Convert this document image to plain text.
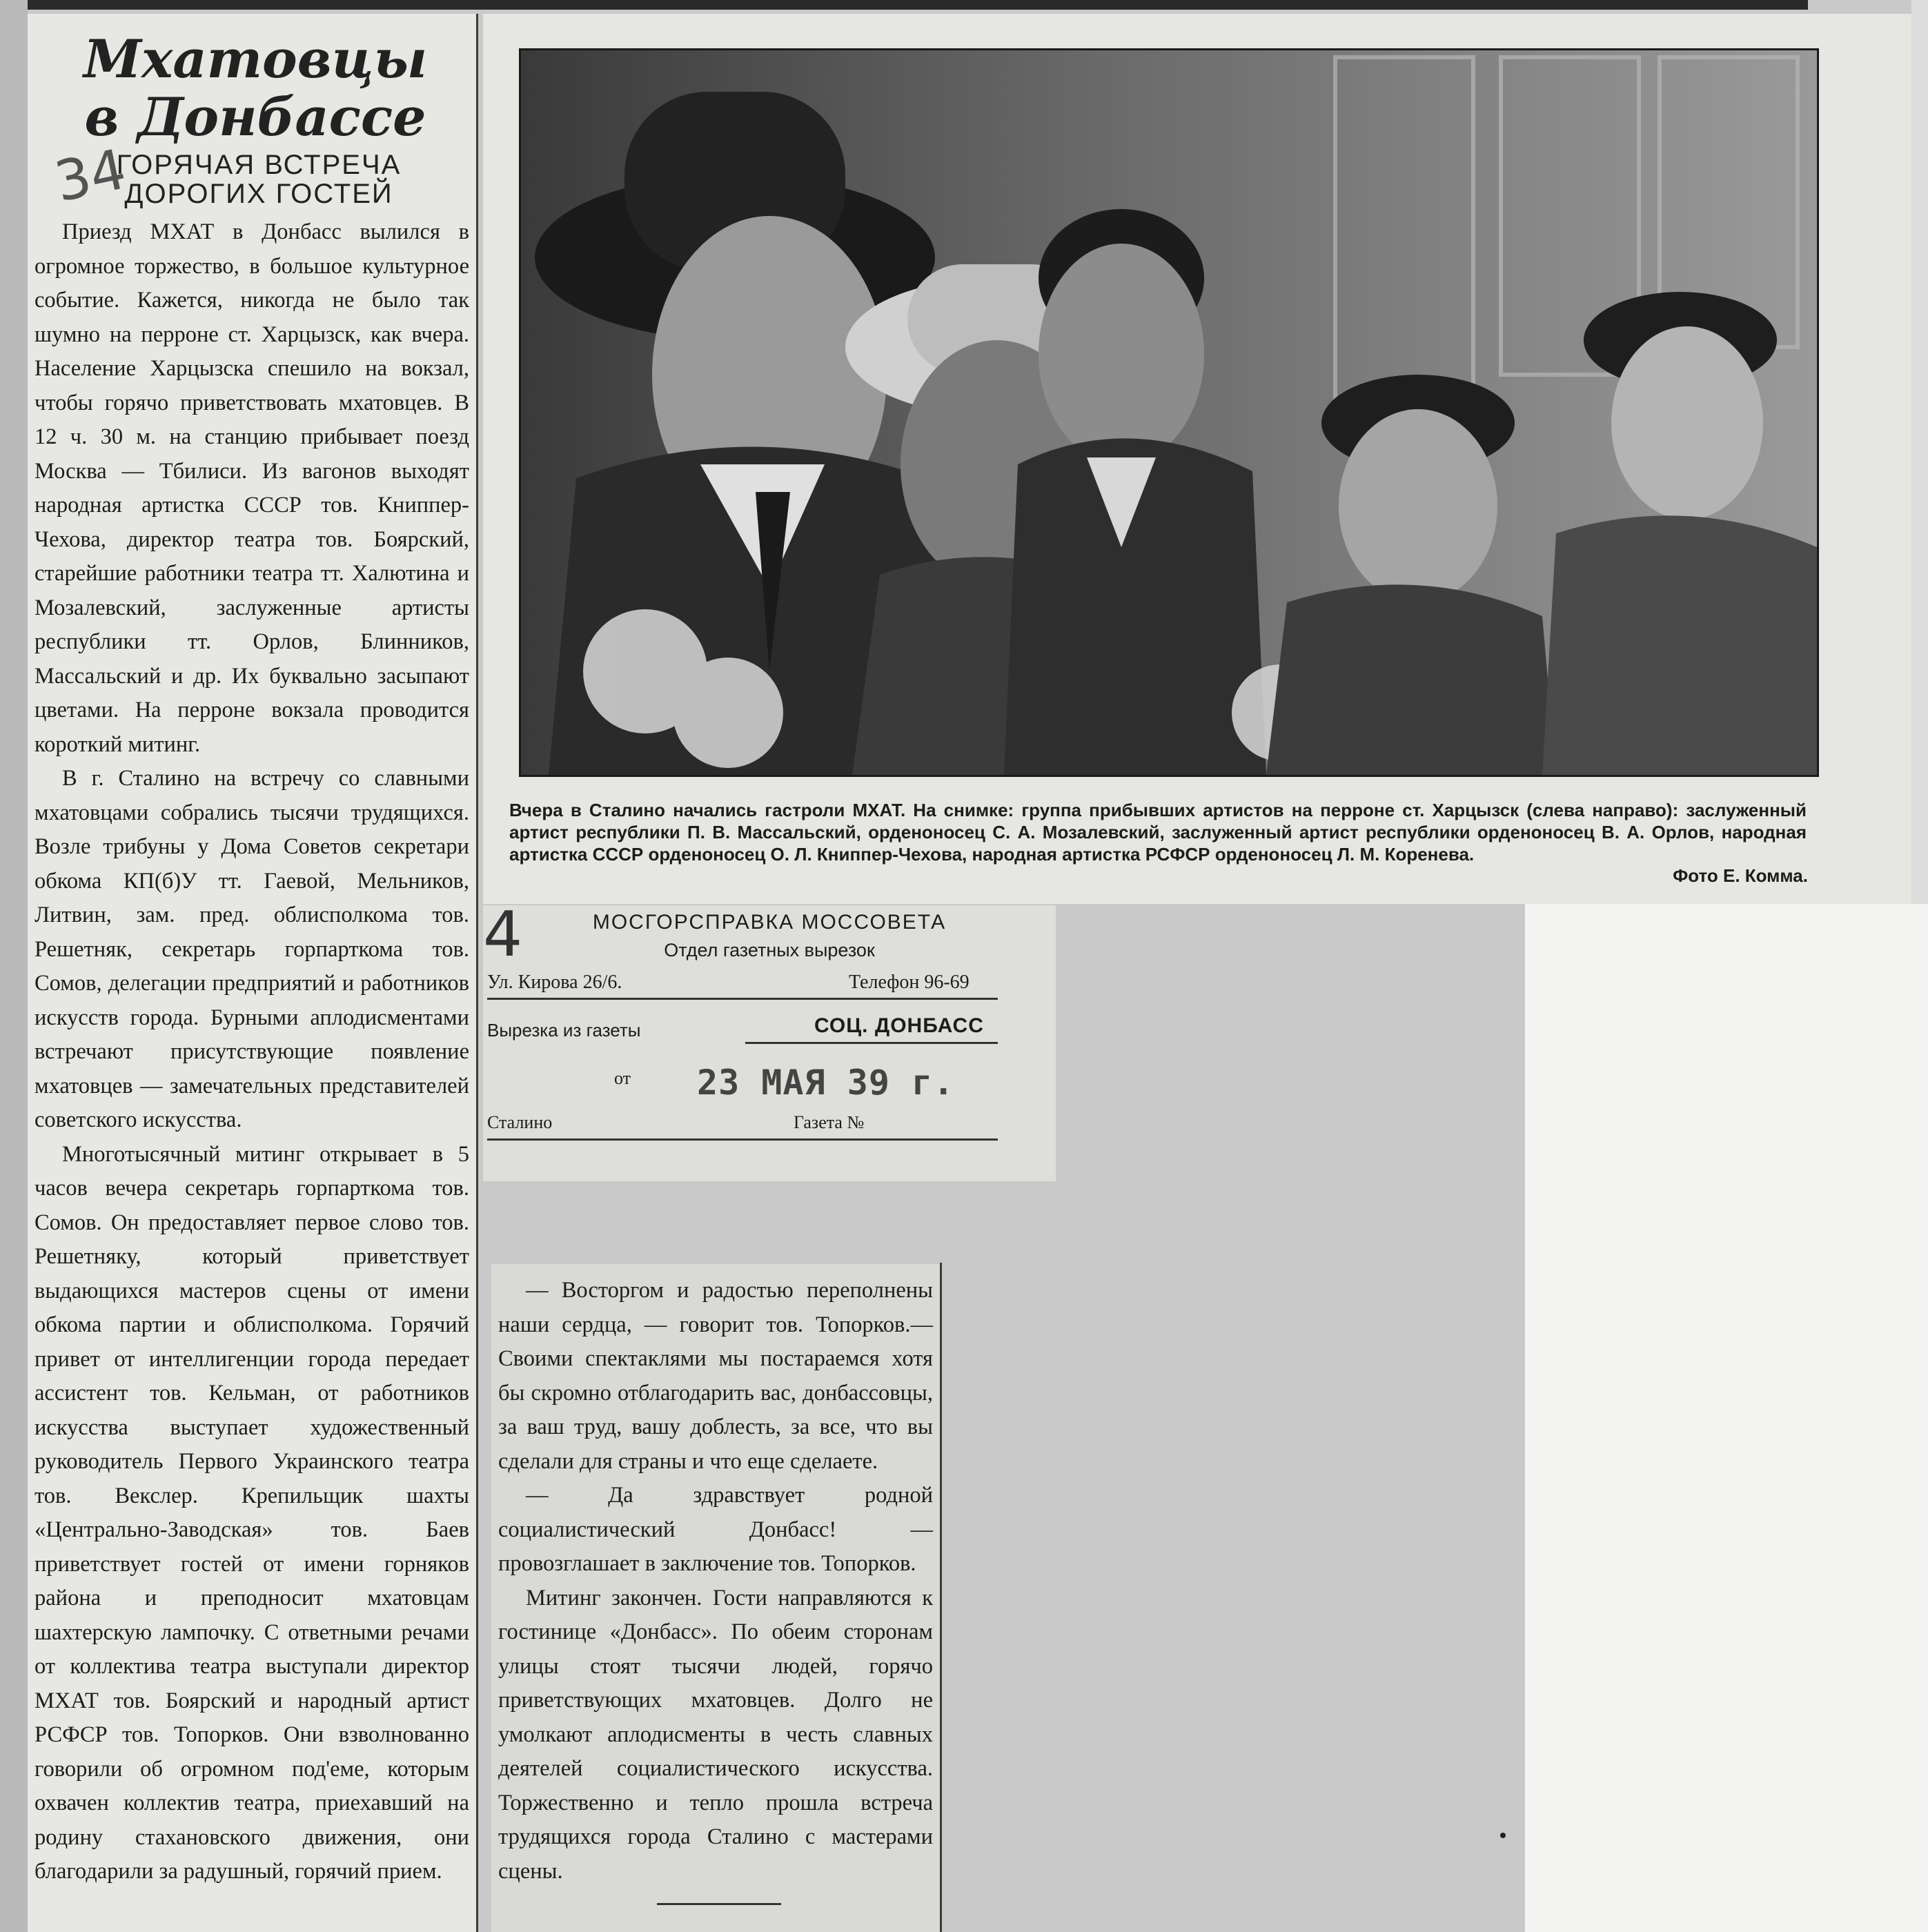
Мхатовцы
в Донбассе
34
ГОРЯЧАЯ ВСТРЕЧА
ДОРОГИХ ГОСТЕЙ

Приезд МХАТ в Донбасс вылился в огромное торжество, в большое культурное событие. Кажется, никогда не было так шумно на перроне ст. Харцызск, как вчера. Население Харцызска спешило на вокзал, чтобы горячо приветствовать мхатовцев. В 12 ч. 30 м. на станцию прибывает поезд Москва — Тбилиси. Из вагонов выходят народная артистка СССР тов. Книппер-Чехова, директор театра тов. Боярский, старейшие работники театра тт. Халютина и Мозалевский, заслуженные артисты республики тт. Орлов, Блинников, Массальский и др. Их буквально засыпают цветами. На перроне вокзала проводится короткий митинг.

В г. Сталино на встречу со славными мхатовцами собрались тысячи трудящихся. Возле трибуны у Дома Советов секретари обкома КП(б)У тт. Гаевой, Мельников, Литвин, зам. пред. облисполкома тов. Решетняк, секретарь горпарткома тов. Сомов, делегации предприятий и работников искусств города. Бурными аплодисментами встречают присутствующие появление мхатовцев — замечательных представителей советского искусства.

Многотысячный митинг открывает в 5 часов вечера секретарь горпарткома тов. Сомов. Он предоставляет первое слово тов. Решетняку, который приветствует выдающихся мастеров сцены от имени обкома партии и облисполкома. Горячий привет от интеллигенции города передает ассистент тов. Кельман, от работников искусства выступает художественный руководитель Первого Украинского театра тов. Векслер. Крепильщик шахты «Центрально-Заводская» тов. Баев приветствует гостей от имени горняков района и преподносит мхатовцам шахтерскую лампочку. С ответными речами от коллектива театра выступали директор МХАТ тов. Боярский и народный артист РСФСР тов. Топорков. Они взволнованно говорили об огромном под'еме, которым охвачен коллектив театра, приехавший на родину стахановского движения, они благодарили за радушный, горячий прием.

Вчера в Сталино начались гастроли МХАТ. На снимке: группа прибывших артистов на перроне ст. Харцызск (слева направо): заслуженный артист республики П. В. Массальский, орденоносец С. А. Мозалевский, заслуженный артист республики орденоносец В. А. Орлов, народная артистка СССР орденоносец О. Л. Книппер-Чехова, народная артистка РСФСР орденоносец Л. М. Коренева.
Фото Е. Комма.
4	МОСГОРСПРАВКА МОССОВЕТА
Отдел газетных вырезок
Ул. Кирова 26/6.	Телефон 96-69
Вырезка из газеты	СОЦ. ДОНБАСС
от 23 МАЯ 39 г.
Сталино	Газета №

— Восторгом и радостью переполнены наши сердца, — говорит тов. Топорков.—Своими спектаклями мы постараемся хотя бы скромно отблагодарить вас, донбассовцы, за ваш труд, вашу доблесть, за все, что вы сделали для страны и что еще сделаете.

— Да здравствует родной социалистический Донбасс! — провозглашает в заключение тов. Топорков.

Митинг закончен. Гости направляются к гостинице «Донбасс». По обеим сторонам улицы стоят тысячи людей, горячо приветствующих мхатовцев. Долго не умолкают аплодисменты в честь славных деятелей социалистического искусства. Торжественно и тепло прошла встреча трудящихся города Сталино с мастерами сцены.
